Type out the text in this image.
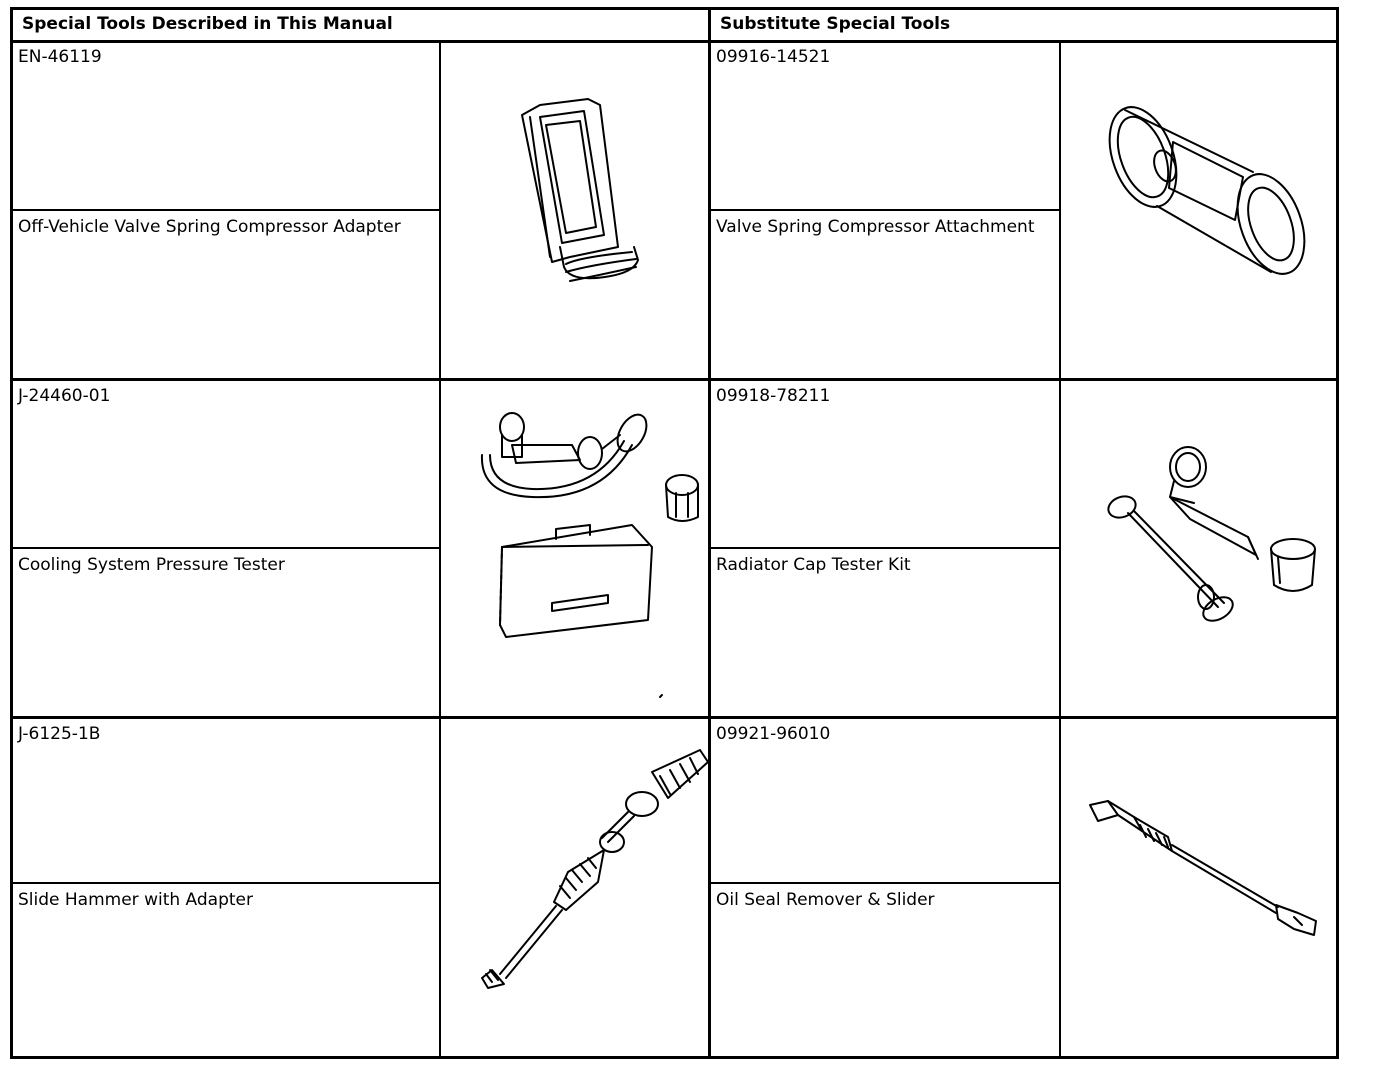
Special Tools Described in This Manual	Substitute Special Tools
EN-46119
Off-Vehicle Valve Spring Compressor Adapter
09916-14521
Valve Spring Compressor Attachment
J-24460-01
Cooling System Pressure Tester
09918-78211
Radiator Cap Tester Kit
J-6125-1B
Slide Hammer with Adapter
09921-96010
Oil Seal Remover & Slider
